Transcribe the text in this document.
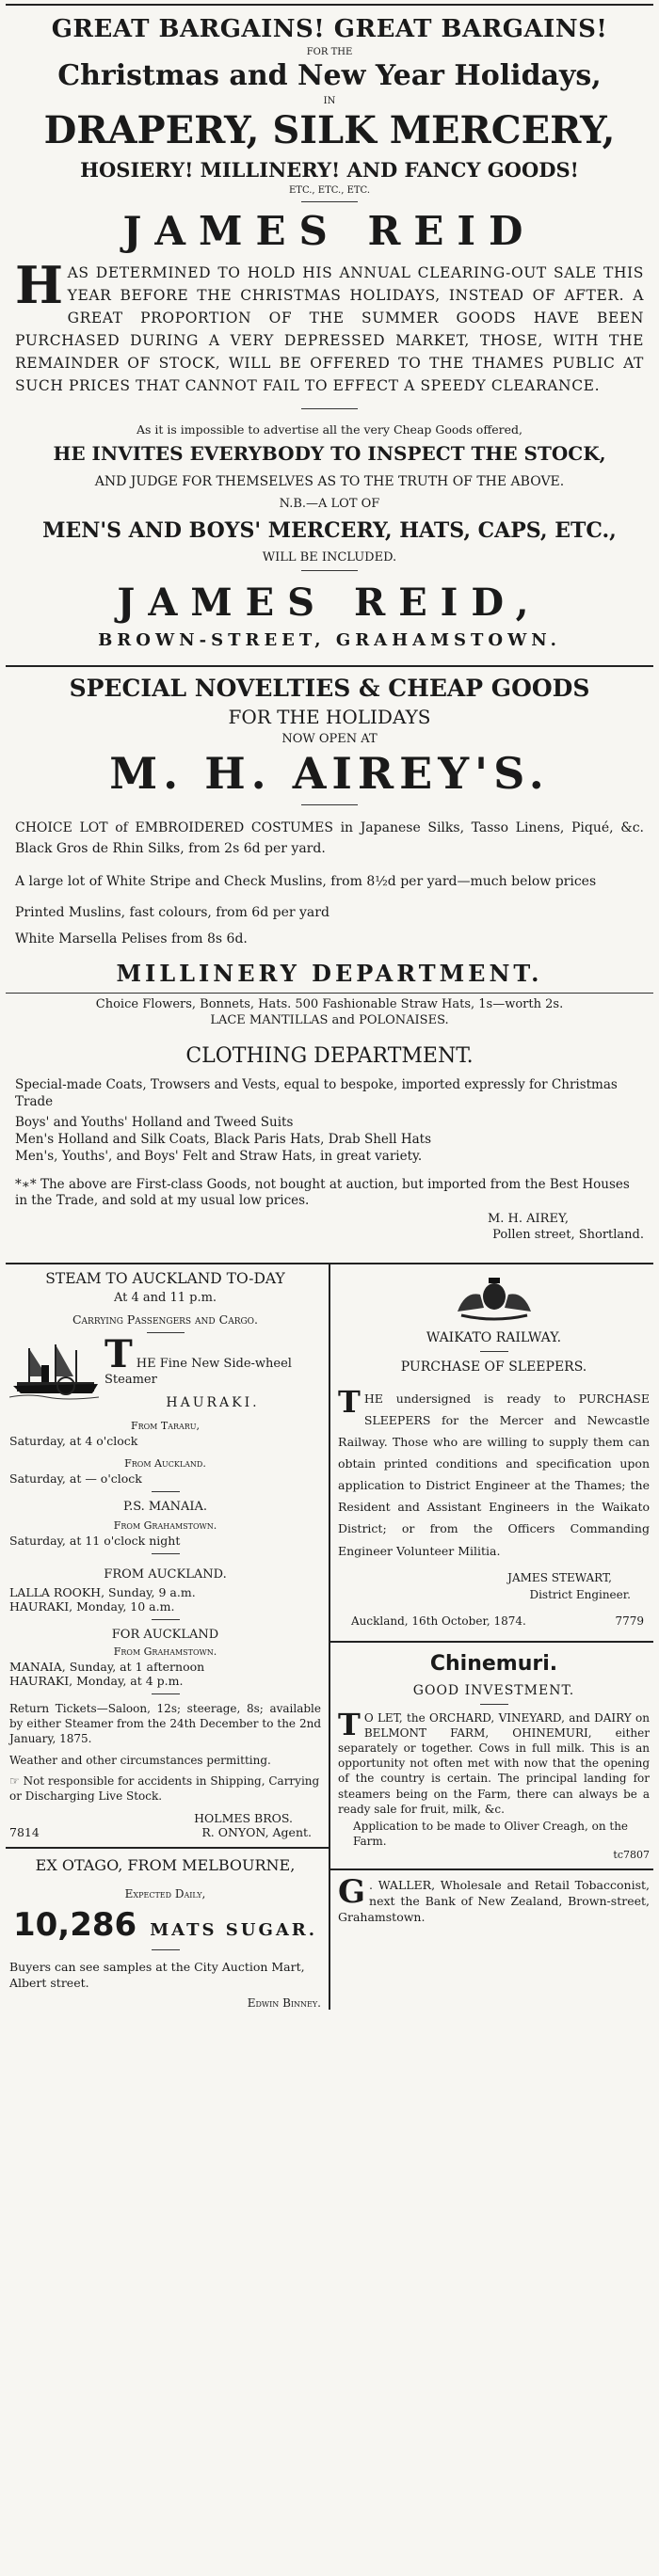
GREAT BARGAINS! GREAT BARGAINS!
FOR THE
Christmas and New Year Holidays,
IN
DRAPERY, SILK MERCERY,
HOSIERY! MILLINERY! AND FANCY GOODS!
ETC., ETC., ETC.
JAMES REID
H AS DETERMINED TO HOLD HIS ANNUAL CLEARING-OUT SALE THIS YEAR BEFORE THE CHRISTMAS HOLIDAYS, INSTEAD OF AFTER. A GREAT PROPORTION OF THE SUMMER GOODS HAVE BEEN PURCHASED DURING A VERY DEPRESSED MARKET, THOSE, WITH THE REMAINDER OF STOCK, WILL BE OFFERED TO THE THAMES PUBLIC AT SUCH PRICES THAT CANNOT FAIL TO EFFECT A SPEEDY CLEARANCE.
As it is impossible to advertise all the very Cheap Goods offered,
HE INVITES EVERYBODY TO INSPECT THE STOCK,
AND JUDGE FOR THEMSELVES AS TO THE TRUTH OF THE ABOVE.
N.B.—A LOT OF
MEN'S AND BOYS' MERCERY, HATS, CAPS, ETC.,
WILL BE INCLUDED.
JAMES REID,
BROWN-STREET, GRAHAMSTOWN.
SPECIAL NOVELTIES & CHEAP GOODS
FOR THE HOLIDAYS
NOW OPEN AT
M. H. AIREY'S.
CHOICE LOT of EMBROIDERED COSTUMES in Japanese Silks, Tasso Linens, Piqué, &c. Black Gros de Rhin Silks, from 2s 6d per yard.
A large lot of White Stripe and Check Muslins, from 8½d per yard—much below prices
Printed Muslins, fast colours, from 6d per yard
White Marsella Pelises from 8s 6d.
MILLINERY DEPARTMENT.
Choice Flowers, Bonnets, Hats. 500 Fashionable Straw Hats, 1s—worth 2s.
LACE MANTILLAS and POLONAISES.
CLOTHING DEPARTMENT.
Special-made Coats, Trowsers and Vests, equal to bespoke, imported expressly for Christmas Trade
Boys' and Youths' Holland and Tweed Suits
Men's Holland and Silk Coats, Black Paris Hats, Drab Shell Hats
Men's, Youths', and Boys' Felt and Straw Hats, in great variety.
*∗* The above are First-class Goods, not bought at auction, but imported from the Best Houses in the Trade, and sold at my usual low prices.
M. H. AIREY,
Pollen street, Shortland.
STEAM TO AUCKLAND TO-DAY
At 4 and 11 p.m.
Carrying Passengers and Cargo.
THE Fine New Side-wheel Steamer
HAURAKI.
From Tararu,
Saturday, at 4 o'clock
From Auckland.
Saturday, at — o'clock
P.S. MANAIA.
From Grahamstown.
Saturday, at 11 o'clock night
FROM AUCKLAND.
LALLA ROOKH, Sunday, 9 a.m.
HAURAKI, Monday, 10 a.m.
FOR AUCKLAND
From Grahamstown.
MANAIA, Sunday, at 1 afternoon
HAURAKI, Monday, at 4 p.m.
Return Tickets—Saloon, 12s; steerage, 8s; available by either Steamer from the 24th December to the 2nd January, 1875.
Weather and other circumstances permitting.
☞ Not responsible for accidents in Shipping, Carrying or Discharging Live Stock.
HOLMES BROS.
7814	R. ONYON, Agent.
EX OTAGO, FROM MELBOURNE,
Expected Daily,
10,286 MATS SUGAR.
Buyers can see samples at the City Auction Mart, Albert street.
Edwin Binney.
WAIKATO RAILWAY.
PURCHASE OF SLEEPERS.
T HE undersigned is ready to PURCHASE SLEEPERS for the Mercer and Newcastle Railway. Those who are willing to supply them can obtain printed conditions and specification upon application to District Engineer at the Thames; the Resident and Assistant Engineers in the Waikato District; or from the Officers Commanding Engineer Volunteer Militia.
JAMES STEWART,
District Engineer.
Auckland, 16th October, 1874.	7779
Chinemuri.
GOOD INVESTMENT.
T O LET, the ORCHARD, VINEYARD, and DAIRY on BELMONT FARM, OHINEMURI, either separately or together. Cows in full milk. This is an opportunity not often met with now that the opening of the country is certain. The principal landing for steamers being on the Farm, there can always be a ready sale for fruit, milk, &c.
Application to be made to Oliver Creagh, on the Farm.
tc7807
G . WALLER, Wholesale and Retail Tobacconist, next the Bank of New Zealand, Brown-street, Grahamstown.
